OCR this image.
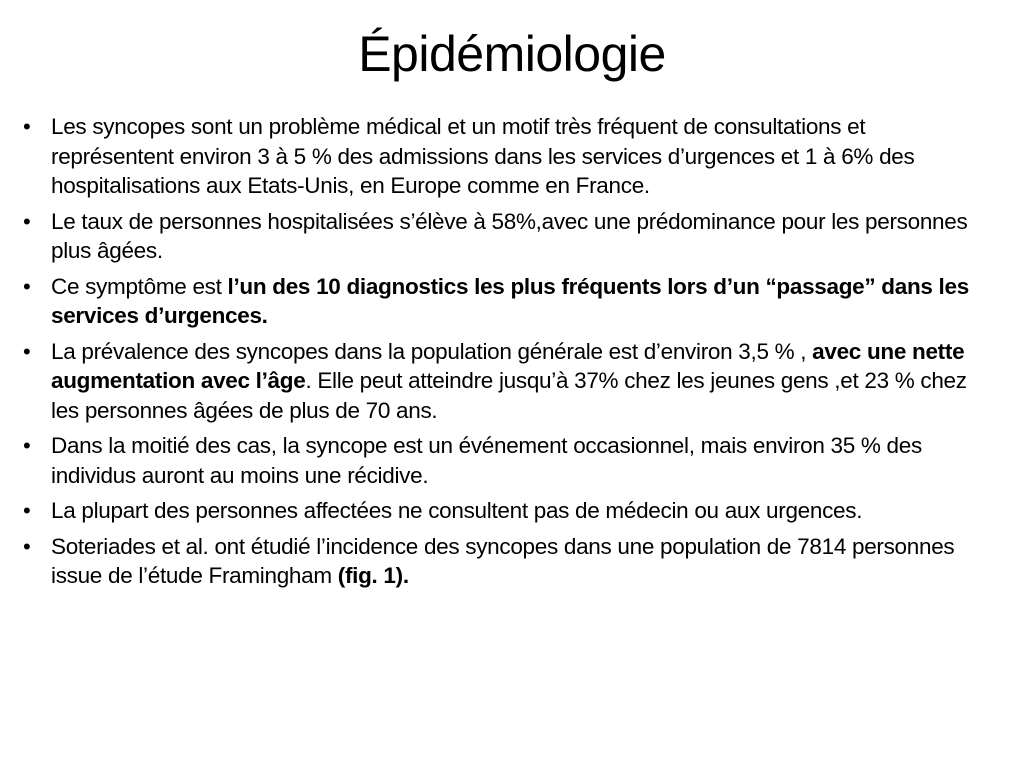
Épidémiologie
• Les syncopes sont un problème médical et un motif très fréquent de consultations et représentent environ 3 à 5 % des admissions dans les services d’urgences et 1 à 6% des hospitalisations aux Etats-Unis, en Europe comme en France.
• Le taux de personnes hospitalisées s’élève à 58%,avec une prédominance pour les personnes plus âgées.
• Ce symptôme est l’un des 10 diagnostics les plus fréquents lors d’un “passage” dans les services d’urgences.
• La prévalence des syncopes dans la population générale est d’environ 3,5 % , avec une nette augmentation avec l’âge. Elle peut atteindre jusqu’à 37% chez les jeunes gens ,et 23 % chez les personnes âgées de plus de 70 ans.
• Dans la moitié des cas, la syncope est un événement occasionnel, mais environ 35 % des individus auront au moins une récidive.
• La plupart des personnes affectées ne consultent pas de médecin ou aux urgences.
• Soteriades et al. ont étudié l’incidence des syncopes dans une population de 7814 personnes issue de l’étude Framingham (fig. 1).
